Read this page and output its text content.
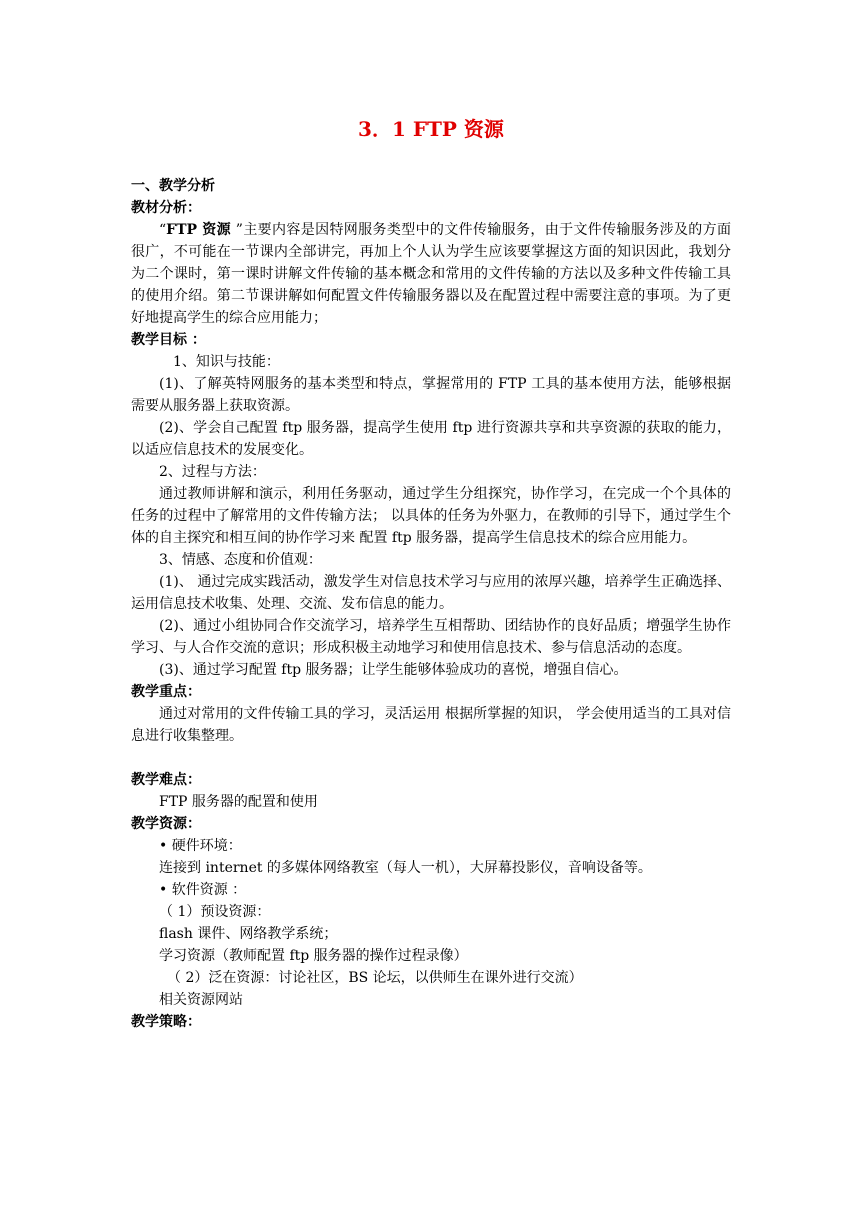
3．1 FTP 资源

一、教学分析

教材分析：

“FTP 资源 ”主要内容是因特网服务类型中的文件传输服务，由于文件传输服务涉及的方面很广，不可能在一节课内全部讲完，再加上个人认为学生应该要掌握这方面的知识因此，我划分为二个课时，第一课时讲解文件传输的基本概念和常用的文件传输的方法以及多种文件传输工具的使用介绍。第二节课讲解如何配置文件传输服务器以及在配置过程中需要注意的事项。为了更好地提高学生的综合应用能力；

教学目标 ：

1、知识与技能：

(1)、了解英特网服务的基本类型和特点，掌握常用的 FTP 工具的基本使用方法，能够根据需要从服务器上获取资源。

(2)、学会自己配置 ftp 服务器，提高学生使用 ftp 进行资源共享和共享资源的获取的能力，以适应信息技术的发展变化。

2、过程与方法：

通过教师讲解和演示，利用任务驱动，通过学生分组探究，协作学习，在完成一个个具体的任务的过程中了解常用的文件传输方法； 以具体的任务为外驱力，在教师的引导下，通过学生个体的自主探究和相互间的协作学习来 配置 ftp 服务器，提高学生信息技术的综合应用能力。

3、情感、态度和价值观：

(1)、 通过完成实践活动，激发学生对信息技术学习与应用的浓厚兴趣，培养学生正确选择、运用信息技术收集、处理、交流、发布信息的能力。

(2)、通过小组协同合作交流学习，培养学生互相帮助、团结协作的良好品质；增强学生协作学习、与人合作交流的意识；形成积极主动地学习和使用信息技术、参与信息活动的态度。

(3)、通过学习配置 ftp 服务器；让学生能够体验成功的喜悦，增强自信心。

教学重点：

通过对常用的文件传输工具的学习，灵活运用 根据所掌握的知识， 学会使用适当的工具对信息进行收集整理。

教学难点：

FTP 服务器的配置和使用

教学资源：

• 硬件环境：

连接到 internet 的多媒体网络教室（每人一机），大屏幕投影仪，音响设备等。

• 软件资源 ：

（ 1）预设资源：

flash 课件、网络教学系统；

学习资源（教师配置 ftp 服务器的操作过程录像）

（ 2）泛在资源：讨论社区，BS 论坛，以供师生在课外进行交流）

相关资源网站

教学策略：
